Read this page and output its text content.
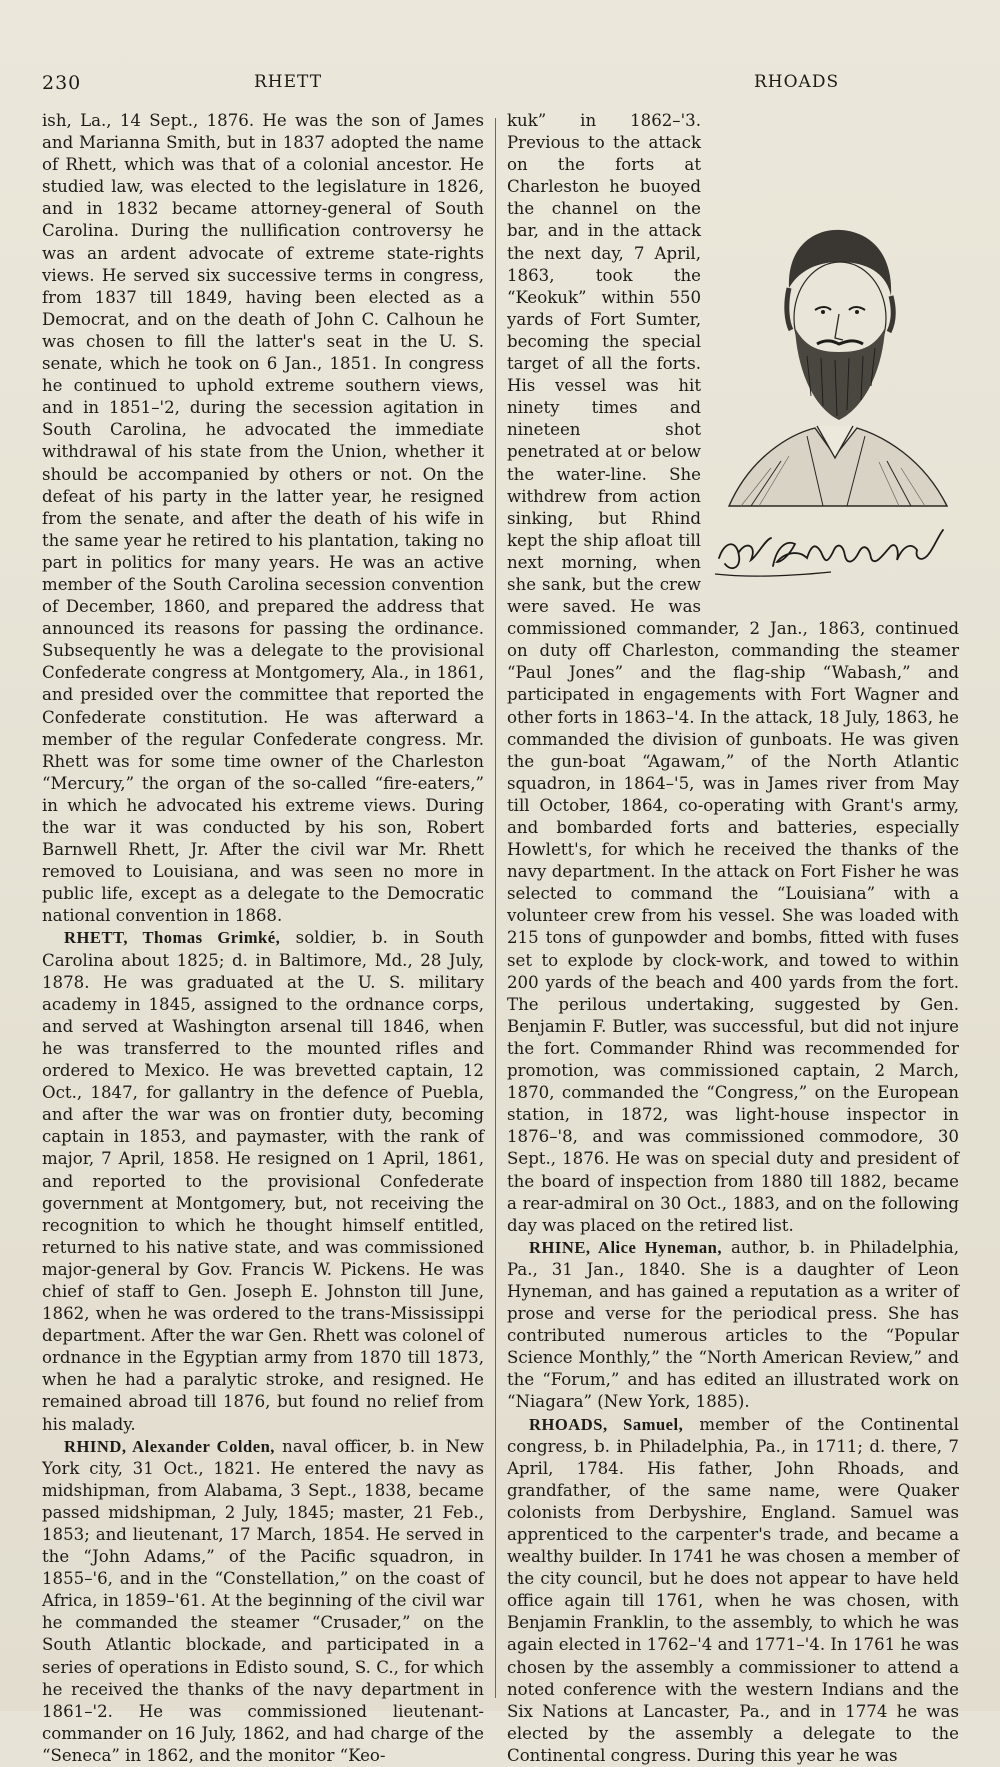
230	RHETT	RHOADS

ish, La., 14 Sept., 1876. He was the son of James and Marianna Smith, but in 1837 adopted the name of Rhett, which was that of a colonial ancestor. He studied law, was elected to the legislature in 1826, and in 1832 became attorney-general of South Carolina. During the nullification controversy he was an ardent advocate of extreme state-rights views. He served six successive terms in congress, from 1837 till 1849, having been elected as a Democrat, and on the death of John C. Calhoun he was chosen to fill the latter's seat in the U. S. senate, which he took on 6 Jan., 1851. In congress he continued to uphold extreme southern views, and in 1851–'2, during the secession agitation in South Carolina, he advocated the immediate withdrawal of his state from the Union, whether it should be accompanied by others or not. On the defeat of his party in the latter year, he resigned from the senate, and after the death of his wife in the same year he retired to his plantation, taking no part in politics for many years. He was an active member of the South Carolina secession convention of December, 1860, and prepared the address that announced its reasons for passing the ordinance. Subsequently he was a delegate to the provisional Confederate congress at Montgomery, Ala., in 1861, and presided over the committee that reported the Confederate constitution. He was afterward a member of the regular Confederate congress. Mr. Rhett was for some time owner of the Charleston “Mercury,” the organ of the so-called “fire-eaters,” in which he advocated his extreme views. During the war it was conducted by his son, Robert Barnwell Rhett, Jr. After the civil war Mr. Rhett removed to Louisiana, and was seen no more in public life, except as a delegate to the Democratic national convention in 1868.

RHETT, Thomas Grimké, soldier, b. in South Carolina about 1825; d. in Baltimore, Md., 28 July, 1878. He was graduated at the U. S. military academy in 1845, assigned to the ordnance corps, and served at Washington arsenal till 1846, when he was transferred to the mounted rifles and ordered to Mexico. He was brevetted captain, 12 Oct., 1847, for gallantry in the defence of Puebla, and after the war was on frontier duty, becoming captain in 1853, and paymaster, with the rank of major, 7 April, 1858. He resigned on 1 April, 1861, and reported to the provisional Confederate government at Montgomery, but, not receiving the recognition to which he thought himself entitled, returned to his native state, and was commissioned major-general by Gov. Francis W. Pickens. He was chief of staff to Gen. Joseph E. Johnston till June, 1862, when he was ordered to the trans-Mississippi department. After the war Gen. Rhett was colonel of ordnance in the Egyptian army from 1870 till 1873, when he had a paralytic stroke, and resigned. He remained abroad till 1876, but found no relief from his malady.

RHIND, Alexander Colden, naval officer, b. in New York city, 31 Oct., 1821. He entered the navy as midshipman, from Alabama, 3 Sept., 1838, became passed midshipman, 2 July, 1845; master, 21 Feb., 1853; and lieutenant, 17 March, 1854. He served in the “John Adams,” of the Pacific squadron, in 1855–'6, and in the “Constellation,” on the coast of Africa, in 1859–'61. At the beginning of the civil war he commanded the steamer “Crusader,” on the South Atlantic blockade, and participated in a series of operations in Edisto sound, S. C., for which he received the thanks of the navy department in 1861–'2. He was commissioned lieutenant-commander on 16 July, 1862, and had charge of the “Seneca” in 1862, and the monitor “Keo-

kuk” in 1862–'3. Previous to the attack on the forts at Charleston he buoyed the channel on the bar, and in the attack the next day, 7 April, 1863, took the “Keokuk” within 550 yards of Fort Sumter, becoming the special target of all the forts. His vessel was hit ninety times and nineteen shot penetrated at or below the water-line. She withdrew from action sinking, but Rhind kept the ship afloat till next morning, when she sank, but the crew were saved. He was commissioned commander, 2 Jan., 1863, continued on duty off Charleston, commanding the steamer “Paul Jones” and the flag-ship “Wabash,” and participated in engagements with Fort Wagner and other forts in 1863–'4. In the attack, 18 July, 1863, he commanded the division of gunboats. He was given the gun-boat “Agawam,” of the North Atlantic squadron, in 1864–'5, was in James river from May till October, 1864, co-operating with Grant's army, and bombarded forts and batteries, especially Howlett's, for which he received the thanks of the navy department. In the attack on Fort Fisher he was selected to command the “Louisiana” with a volunteer crew from his vessel. She was loaded with 215 tons of gunpowder and bombs, fitted with fuses set to explode by clock-work, and towed to within 200 yards of the beach and 400 yards from the fort. The perilous undertaking, suggested by Gen. Benjamin F. Butler, was successful, but did not injure the fort. Commander Rhind was recommended for promotion, was commissioned captain, 2 March, 1870, commanded the “Congress,” on the European station, in 1872, was light-house inspector in 1876–'8, and was commissioned commodore, 30 Sept., 1876. He was on special duty and president of the board of inspection from 1880 till 1882, became a rear-admiral on 30 Oct., 1883, and on the following day was placed on the retired list.

RHINE, Alice Hyneman, author, b. in Philadelphia, Pa., 31 Jan., 1840. She is a daughter of Leon Hyneman, and has gained a reputation as a writer of prose and verse for the periodical press. She has contributed numerous articles to the “Popular Science Monthly,” the “North American Review,” and the “Forum,” and has edited an illustrated work on “Niagara” (New York, 1885).

RHOADS, Samuel, member of the Continental congress, b. in Philadelphia, Pa., in 1711; d. there, 7 April, 1784. His father, John Rhoads, and grandfather, of the same name, were Quaker colonists from Derbyshire, England. Samuel was apprenticed to the carpenter's trade, and became a wealthy builder. In 1741 he was chosen a member of the city council, but he does not appear to have held office again till 1761, when he was chosen, with Benjamin Franklin, to the assembly, to which he was again elected in 1762–'4 and 1771–'4. In 1761 he was chosen by the assembly a commissioner to attend a noted conference with the western Indians and the Six Nations at Lancaster, Pa., and in 1774 he was elected by the assembly a delegate to the Continental congress. During this year he was
